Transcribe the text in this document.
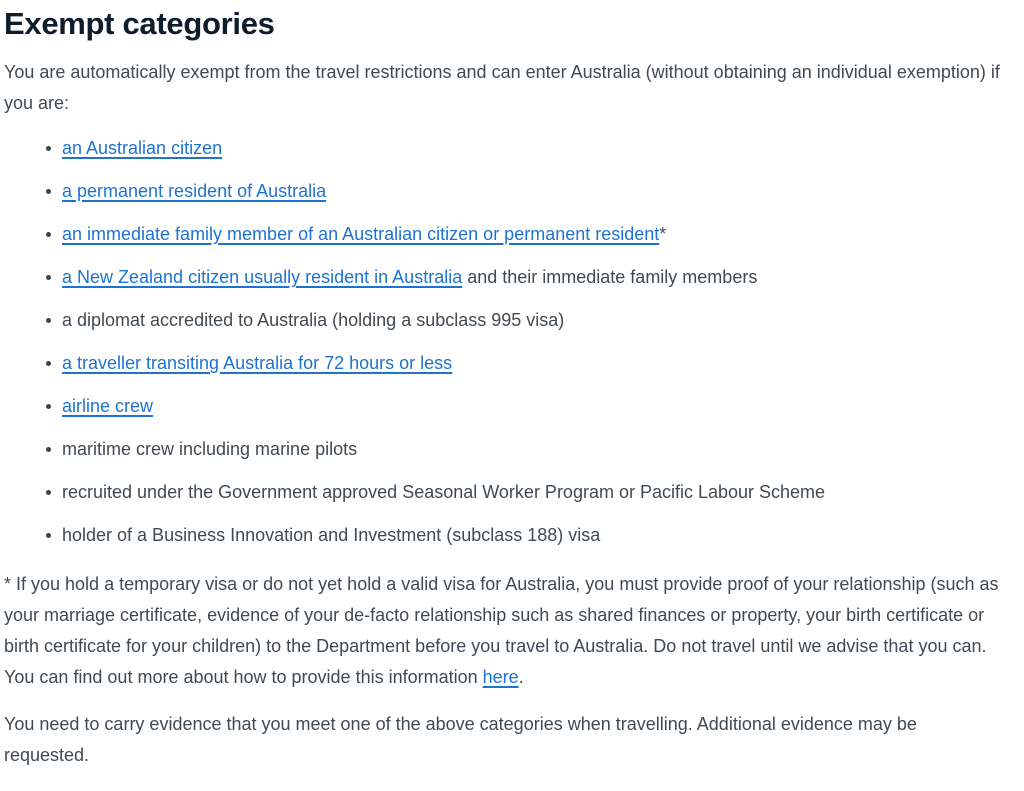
Exempt categories

You are automatically exempt from the travel restrictions and can enter Australia (without obtaining an individual exemption) if you are:

an Australian citizen
a permanent resident of Australia
an immediate family member of an Australian citizen or permanent resident*
a New Zealand citizen usually resident in Australia and their immediate family members
a diplomat accredited to Australia (holding a subclass 995 visa)
a traveller transiting Australia for 72 hours or less
airline crew
maritime crew including marine pilots
recruited under the Government approved Seasonal Worker Program or Pacific Labour Scheme
holder of a Business Innovation and Investment (subclass 188) visa

* If you hold a temporary visa or do not yet hold a valid visa for Australia, you must provide proof of your relationship (such as your marriage certificate, evidence of your de-facto relationship such as shared finances or property, your birth certificate or birth certificate for your children) to the Department before you travel to Australia. Do not travel until we advise that you can. You can find out more about how to provide this information here.

You need to carry evidence that you meet one of the above categories when travelling. Additional evidence may be requested.
